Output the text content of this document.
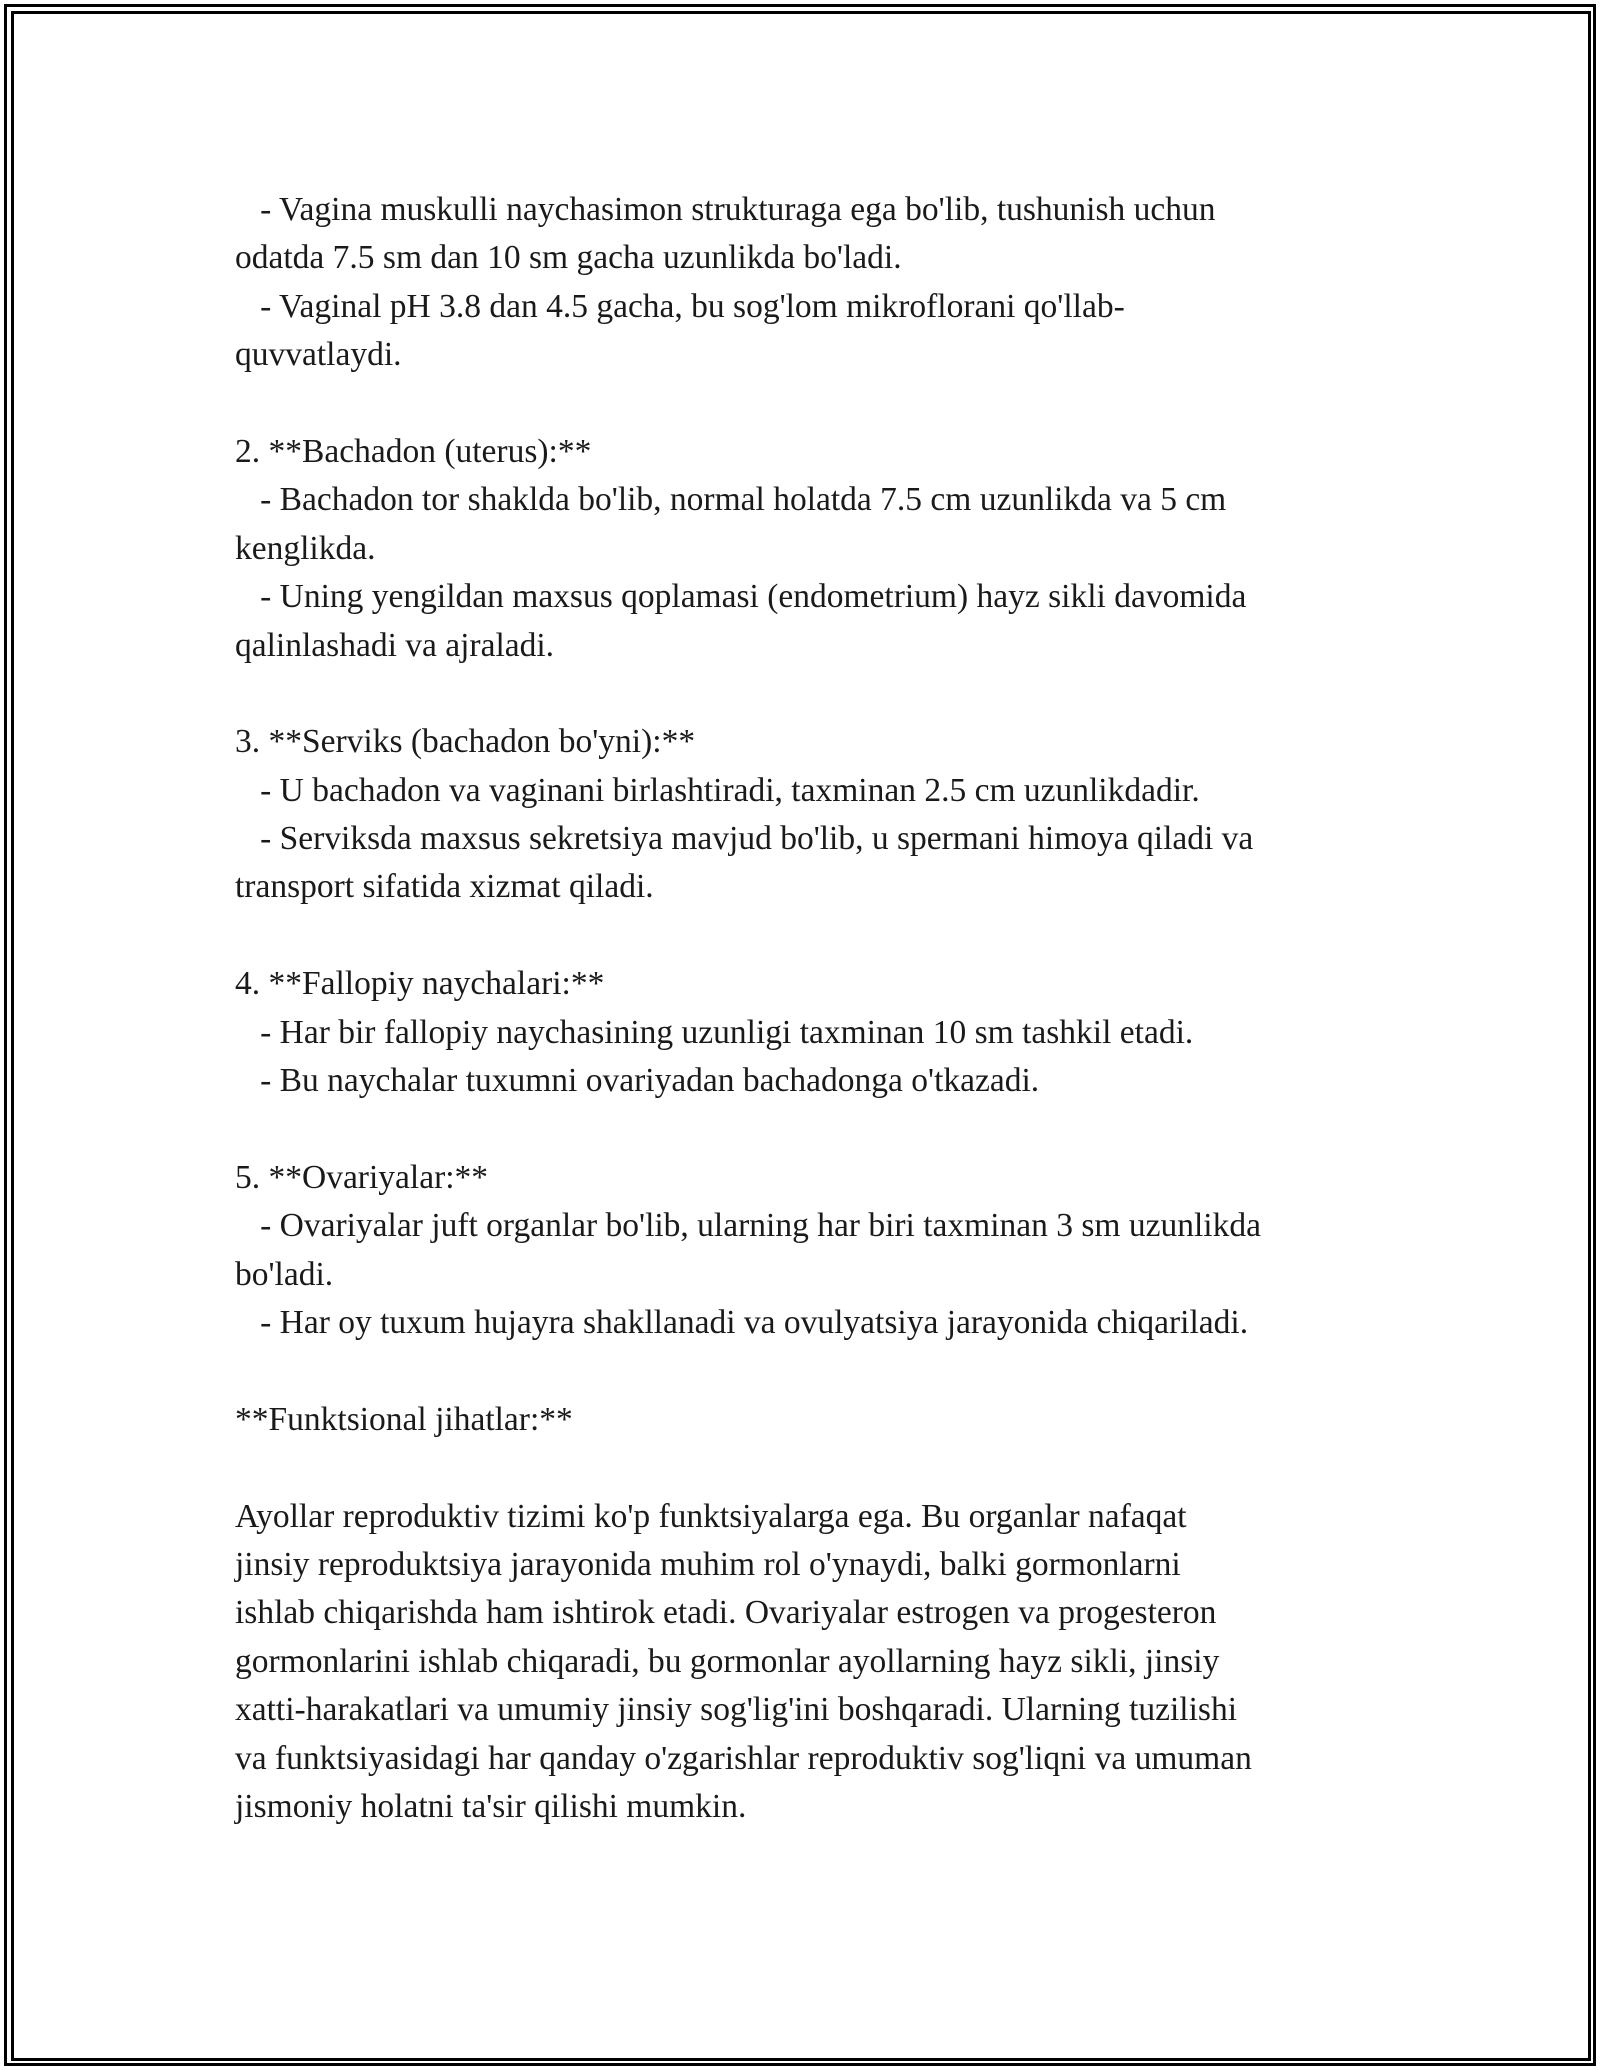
- Vagina muskulli naychasimon strukturaga ega bo'lib, tushunish uchun
odatda 7.5 sm dan 10 sm gacha uzunlikda bo'ladi.
- Vaginal pH 3.8 dan 4.5 gacha, bu sog'lom mikroflorani qo'llab-
quvvatlaydi.
2. **Bachadon (uterus):**
- Bachadon tor shaklda bo'lib, normal holatda 7.5 cm uzunlikda va 5 cm
kenglikda.
- Uning yengildan maxsus qoplamasi (endometrium) hayz sikli davomida
qalinlashadi va ajraladi.
3. **Serviks (bachadon bo'yni):**
- U bachadon va vaginani birlashtiradi, taxminan 2.5 cm uzunlikdadir.
- Serviksda maxsus sekretsiya mavjud bo'lib, u spermani himoya qiladi va
transport sifatida xizmat qiladi.
4. **Fallopiy naychalari:**
- Har bir fallopiy naychasining uzunligi taxminan 10 sm tashkil etadi.
- Bu naychalar tuxumni ovariyadan bachadonga o'tkazadi.
5. **Ovariyalar:**
- Ovariyalar juft organlar bo'lib, ularning har biri taxminan 3 sm uzunlikda
bo'ladi.
- Har oy tuxum hujayra shakllanadi va ovulyatsiya jarayonida chiqariladi.
**Funktsional jihatlar:**
Ayollar reproduktiv tizimi ko'p funktsiyalarga ega. Bu organlar nafaqat
jinsiy reproduktsiya jarayonida muhim rol o'ynaydi, balki gormonlarni
ishlab chiqarishda ham ishtirok etadi. Ovariyalar estrogen va progesteron
gormonlarini ishlab chiqaradi, bu gormonlar ayollarning hayz sikli, jinsiy
xatti-harakatlari va umumiy jinsiy sog'lig'ini boshqaradi. Ularning tuzilishi
va funktsiyasidagi har qanday o'zgarishlar reproduktiv sog'liqni va umuman
jismoniy holatni ta'sir qilishi mumkin.
